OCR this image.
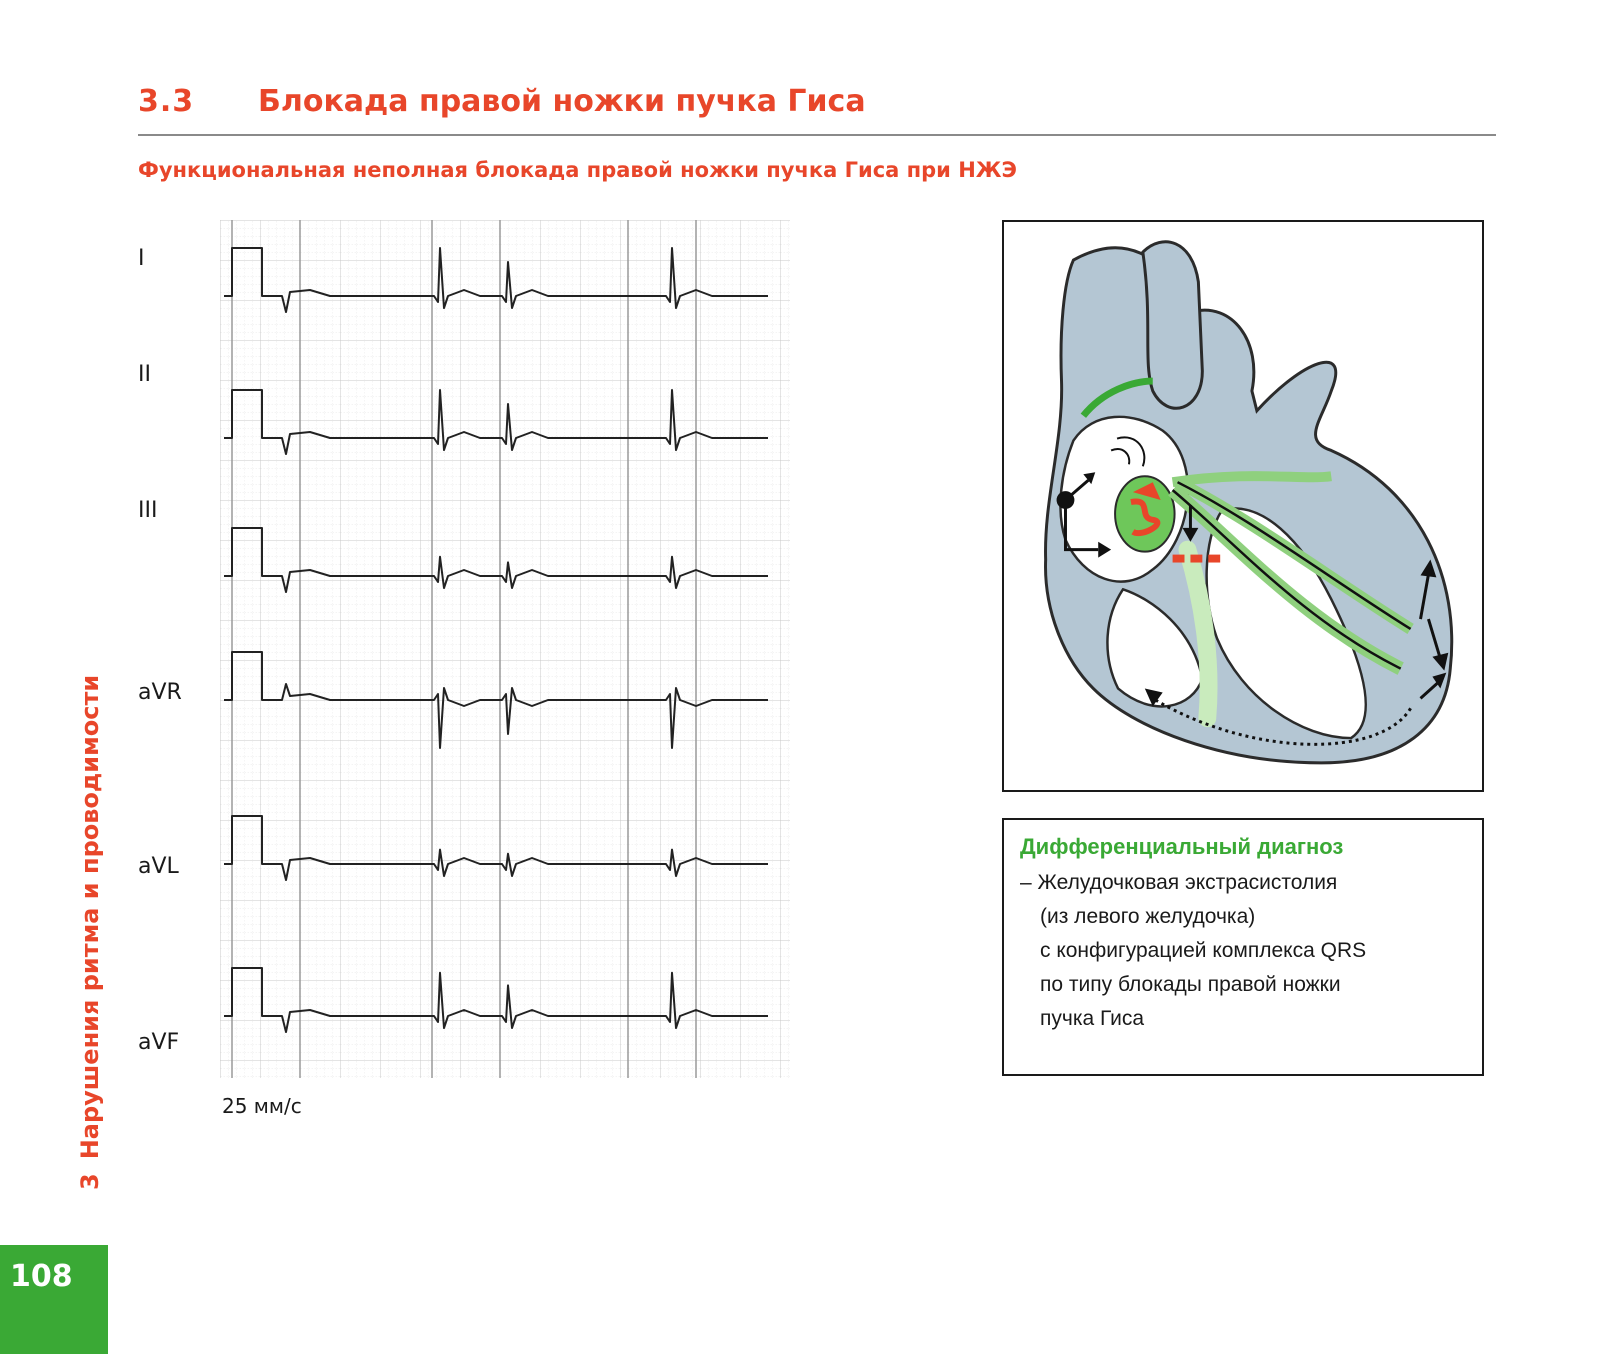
3.3 Блокада правой ножки пучка Гиса
Функциональная неполная блокада правой ножки пучка Гиса при НЖЭ
I
II
III
aVR
aVL
aVF
25 мм/с
Дифференциальный диагноз
– Желудочковая экстрасистолия
(из левого желудочка)
с конфигурацией комплекса QRS
по типу блокады правой ножки
пучка Гиса
3Нарушения ритма и проводимости
108
